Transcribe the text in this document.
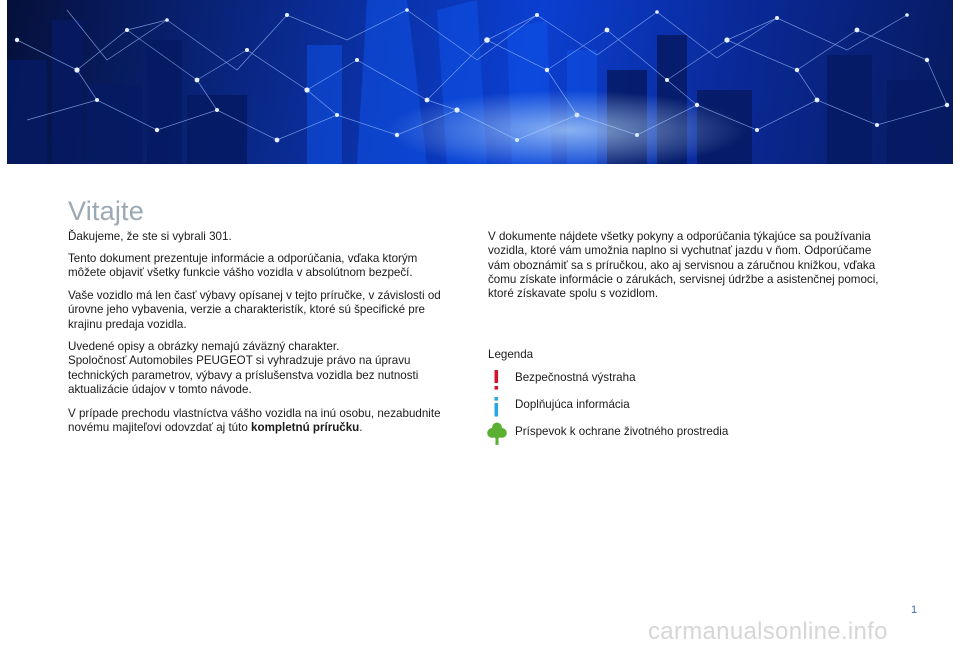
Vitajte

Ďakujeme, že ste si vybrali 301.

Tento dokument prezentuje informácie a odporúčania, vďaka ktorým môžete objaviť všetky funkcie vášho vozidla v absolútnom bezpečí.

Vaše vozidlo má len časť výbavy opísanej v tejto príručke, v závislosti od úrovne jeho vybavenia, verzie a charakteristík, ktoré sú špecifické pre krajinu predaja vozidla.

Uvedené opisy a obrázky nemajú záväzný charakter.

Spoločnosť Automobiles PEUGEOT si vyhradzuje právo na úpravu technických parametrov, výbavy a príslušenstva vozidla bez nutnosti aktualizácie údajov v tomto návode.

V prípade prechodu vlastníctva vášho vozidla na inú osobu, nezabudnite novému majiteľovi odovzdať aj túto kompletnú príručku.

V dokumente nájdete všetky pokyny a odporúčania týkajúce sa používania vozidla, ktoré vám umožnia naplno si vychutnať jazdu v ňom. Odporúčame vám oboznámiť sa s príručkou, ako aj servisnou a záručnou knižkou, vďaka čomu získate informácie o zárukách, servisnej údržbe a asistenčnej pomoci, ktoré získavate spolu s vozidlom.

Legenda
Bezpečnostná výstraha
Doplňujúca informácia
Príspevok k ochrane životného prostredia
1
carmanualsonline.info
